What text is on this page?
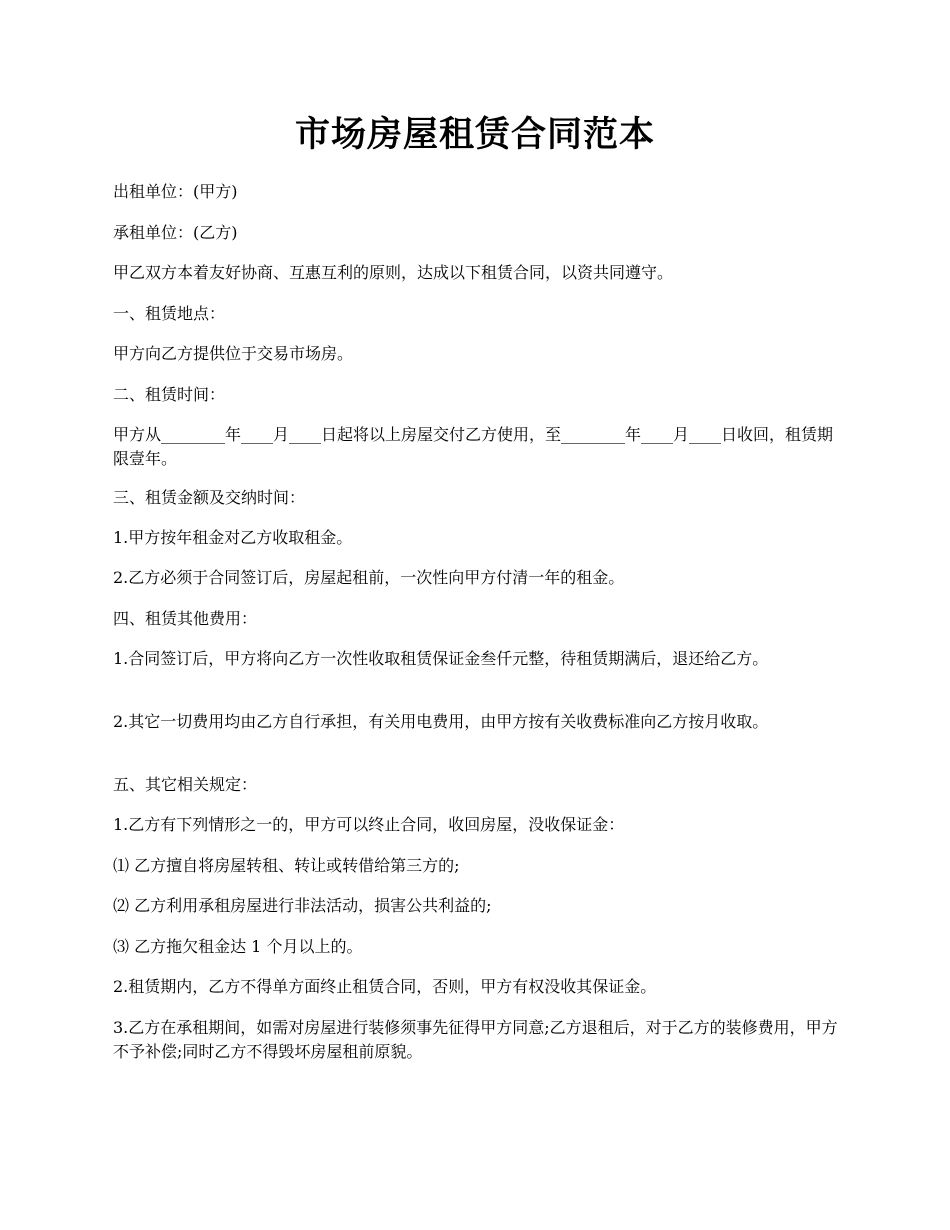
市场房屋租赁合同范本

出租单位：(甲方)

承租单位：(乙方)

甲乙双方本着友好协商、互惠互利的原则，达成以下租赁合同，以资共同遵守。

一、租赁地点：

甲方向乙方提供位于交易市场房。

二、租赁时间：

甲方从________年____月____日起将以上房屋交付乙方使用，至________年____月____日收回，租赁期限壹年。

三、租赁金额及交纳时间：

1.甲方按年租金对乙方收取租金。

2.乙方必须于合同签订后，房屋起租前，一次性向甲方付清一年的租金。

四、租赁其他费用：

1.合同签订后，甲方将向乙方一次性收取租赁保证金叁仟元整，待租赁期满后，退还给乙方。

2.其它一切费用均由乙方自行承担，有关用电费用，由甲方按有关收费标准向乙方按月收取。

五、其它相关规定：

1.乙方有下列情形之一的，甲方可以终止合同，收回房屋，没收保证金：

⑴ 乙方擅自将房屋转租、转让或转借给第三方的;

⑵ 乙方利用承租房屋进行非法活动，损害公共利益的;

⑶ 乙方拖欠租金达 1 个月以上的。

2.租赁期内，乙方不得单方面终止租赁合同，否则，甲方有权没收其保证金。

3.乙方在承租期间，如需对房屋进行装修须事先征得甲方同意;乙方退租后，对于乙方的装修费用，甲方不予补偿;同时乙方不得毁坏房屋租前原貌。
